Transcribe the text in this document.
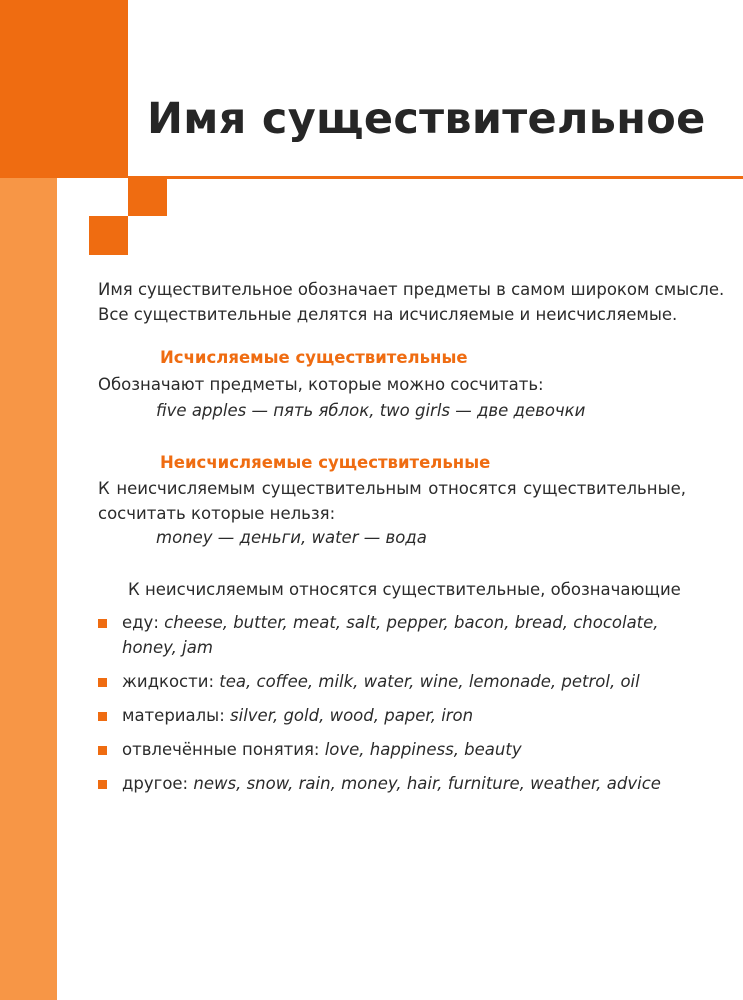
Имя существительное

Имя существительное обозначает предметы в самом широком смысле.

Все существительные делятся на исчисляемые и неисчисляемые.

Исчисляемые существительные

Обозначают предметы, которые можно сосчитать:

five apples — пять яблок, two girls — две девочки

Неисчисляемые существительные

К неисчисляемым существительным относятся существительные, сосчитать которые нельзя:

money — деньги, water — вода

К неисчисляемым относятся существительные, обозначающие

еду: cheese, butter, meat, salt, pepper, bacon, bread, chocolate, honey, jam
жидкости: tea, coffee, milk, water, wine, lemonade, petrol, oil
материалы: silver, gold, wood, paper, iron
отвлечённые понятия: love, happiness, beauty
другое: news, snow, rain, money, hair, furniture, weather, advice
